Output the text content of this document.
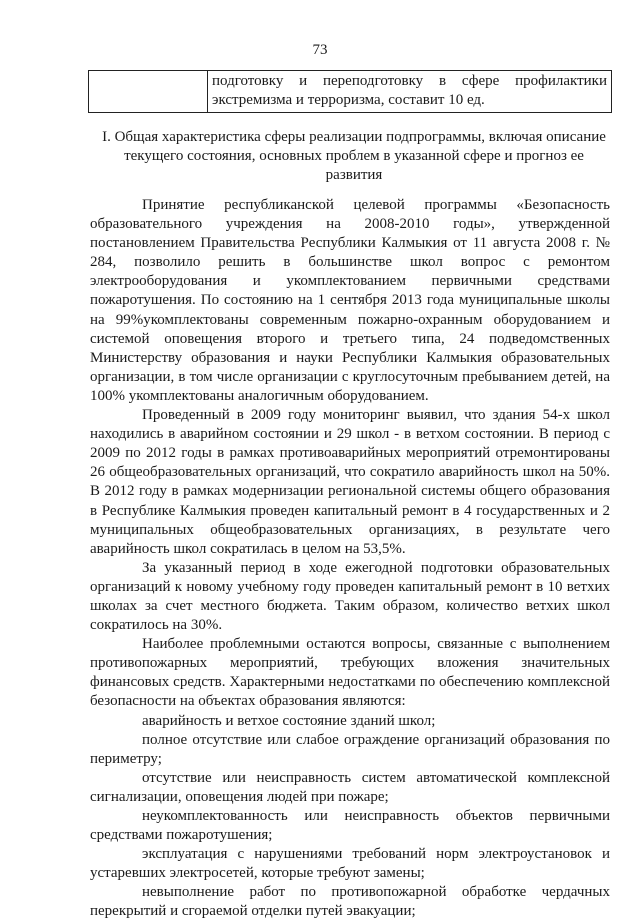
73
	подготовку и переподготовку в сфере профилактики

экстремизма и терроризма, составит 10 ед.
I. Общая характеристика сферы реализации подпрограммы, включая описание текущего состояния, основных проблем в указанной сфере и прогноз ее развития

Принятие республиканской целевой программы «Безопасность образовательного учреждения на 2008-2010 годы», утвержденной постановлением Правительства Республики Калмыкия от 11 августа 2008 г. № 284, позволило решить в большинстве школ вопрос с ремонтом электрооборудования и укомплектованием первичными средствами пожаротушения. По состоянию на 1 сентября 2013 года муниципальные школы на 99%укомплектованы современным пожарно-охранным оборудованием и системой оповещения второго и третьего типа, 24 подведомственных Министерству образования и науки Республики Калмыкия образовательных организации, в том числе организации с круглосуточным пребыванием детей, на 100% укомплектованы аналогичным оборудованием.

Проведенный в 2009 году мониторинг выявил, что здания 54-х школ находились в аварийном состоянии и 29 школ - в ветхом состоянии. В период с 2009 по 2012 годы в рамках противоаварийных мероприятий отремонтированы 26 общеобразовательных организаций, что сократило аварийность школ на 50%. В 2012 году в рамках модернизации региональной системы общего образования в Республике Калмыкия проведен капитальный ремонт в 4 государственных и 2 муниципальных общеобразовательных организациях, в результате чего аварийность школ сократилась в целом на 53,5%.

За указанный период в ходе ежегодной подготовки образовательных организаций к новому учебному году проведен капитальный ремонт в 10 ветхих школах за счет местного бюджета. Таким образом, количество ветхих школ сократилось на 30%.

Наиболее проблемными остаются вопросы, связанные с выполнением противопожарных мероприятий, требующих вложения значительных финансовых средств. Характерными недостатками по обеспечению комплексной безопасности на объектах образования являются:

аварийность и ветхое состояние зданий школ;

полное отсутствие или слабое ограждение организаций образования по периметру;

отсутствие или неисправность систем автоматической комплексной сигнализации, оповещения людей при пожаре;

неукомплектованность или неисправность объектов первичными средствами пожаротушения;

эксплуатация с нарушениями требований норм электроустановок и устаревших электросетей, которые требуют замены;

невыполнение работ по противопожарной обработке чердачных перекрытий и сгораемой отделки путей эвакуации;
